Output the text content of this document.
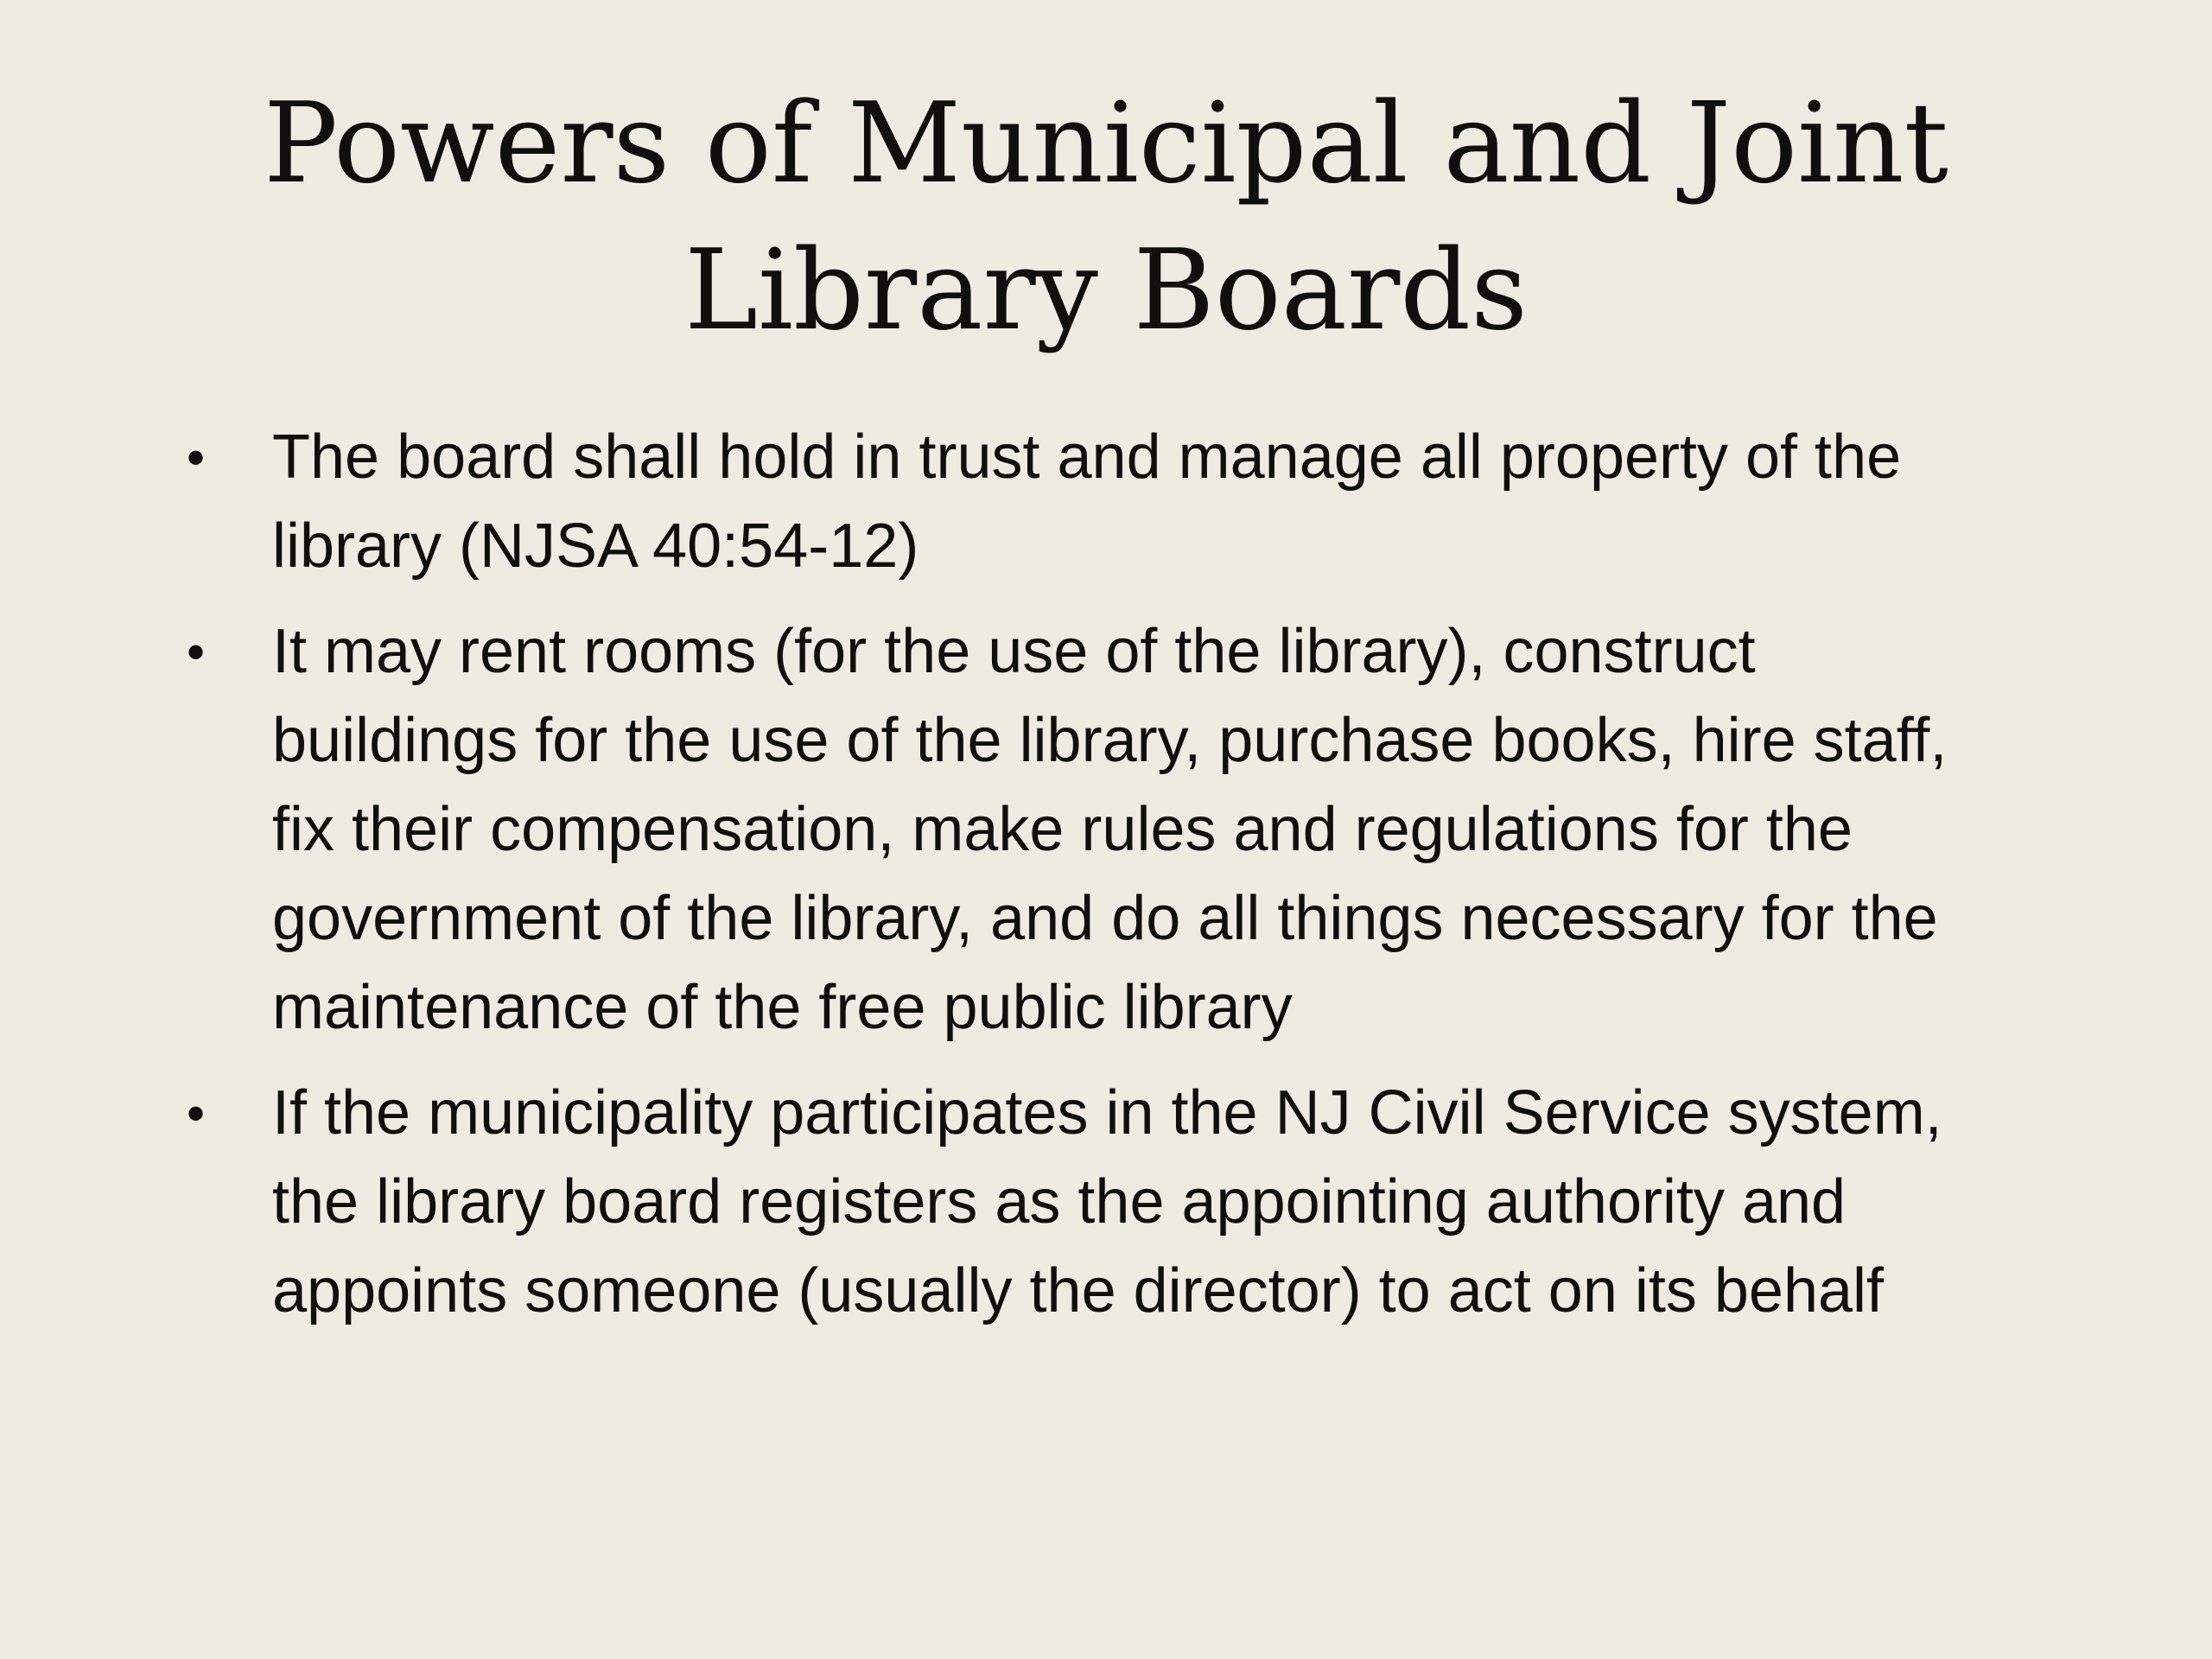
Powers of Municipal and Joint
Library Boards
•	The board shall hold in trust and manage all property of the library (NJSA 40:54-12)
•	It may rent rooms (for the use of the library), construct buildings for the use of the library, purchase books, hire staff, fix their compensation, make rules and regulations for the government of the library, and do all things necessary for the maintenance of the free public library
•	If the municipality participates in the NJ Civil Service system, the library board registers as the appointing authority and appoints someone (usually the director) to act on its behalf
